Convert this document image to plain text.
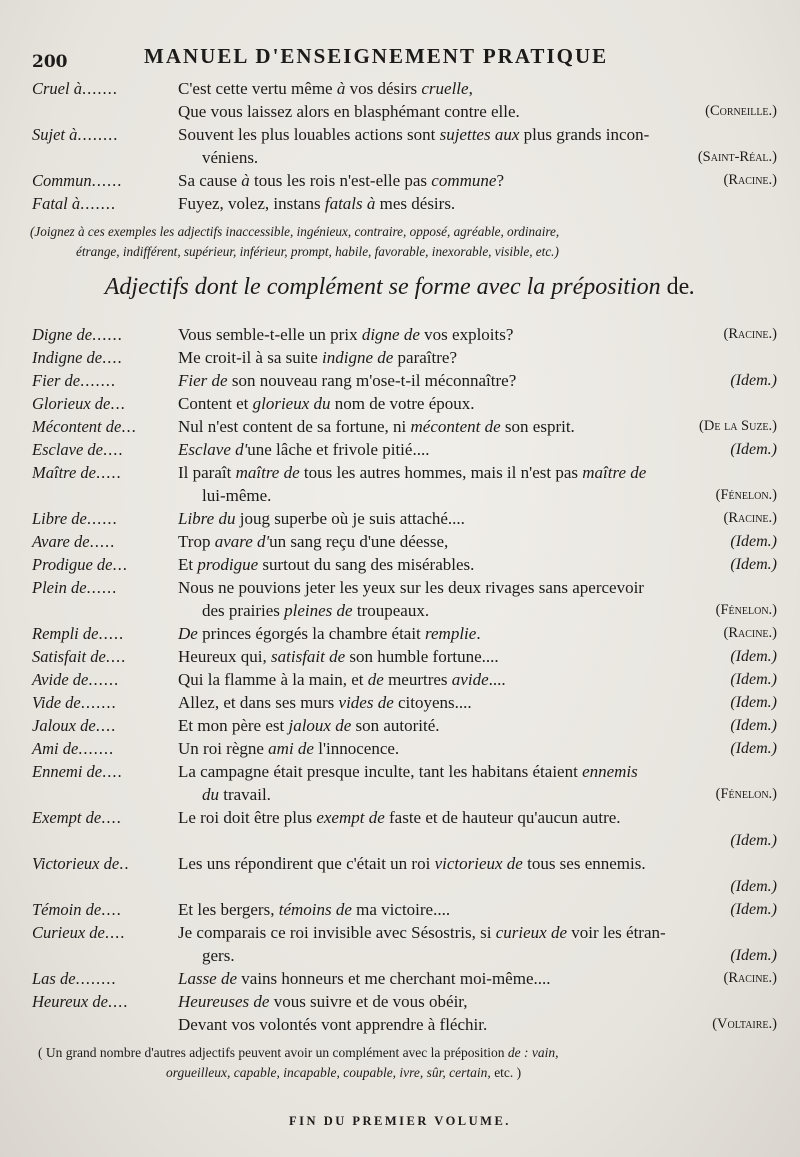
200	MANUEL D'ENSEIGNEMENT PRATIQUE
Cruel à.......	C'est cette vertu même à vos désirs cruelle,
Que vous laissez alors en blasphémant contre elle.	(Corneille.)
Sujet à........	Souvent les plus louables actions sont sujettes aux plus grands incon-
véniens.	(Saint-Réal.)
Commun......	Sa cause à tous les rois n'est-elle pas commune?	(Racine.)
Fatal à.......	Fuyez, volez, instans fatals à mes désirs.
(Joignez à ces exemples les adjectifs inaccessible, ingénieux, contraire, opposé, agréable, ordinaire,
étrange, indifférent, supérieur, inférieur, prompt, habile, favorable, inexorable, visible, etc.)
Adjectifs dont le complément se forme avec la préposition de.
Digne de......	Vous semble-t-elle un prix digne de vos exploits?	(Racine.)
Indigne de....	Me croit-il à sa suite indigne de paraître?
Fier de.......	Fier de son nouveau rang m'ose-t-il méconnaître?	(Idem.)
Glorieux de...	Content et glorieux du nom de votre époux.
Mécontent de...	Nul n'est content de sa fortune, ni mécontent de son esprit.	(De la Suze.)
Esclave de....	Esclave d'une lâche et frivole pitié....	(Idem.)
Maître de.....	Il paraît maître de tous les autres hommes, mais il n'est pas maître de
lui-même.	(Fénelon.)
Libre de......	Libre du joug superbe où je suis attaché....	(Racine.)
Avare de.....	Trop avare d'un sang reçu d'une déesse,	(Idem.)
Prodigue de...	Et prodigue surtout du sang des misérables.	(Idem.)
Plein de......	Nous ne pouvions jeter les yeux sur les deux rivages sans apercevoir
des prairies pleines de troupeaux.	(Fénelon.)
Rempli de.....	De princes égorgés la chambre était remplie.	(Racine.)
Satisfait de....	Heureux qui, satisfait de son humble fortune....	(Idem.)
Avide de......	Qui la flamme à la main, et de meurtres avide....	(Idem.)
Vide de.......	Allez, et dans ses murs vides de citoyens....	(Idem.)
Jaloux de....	Et mon père est jaloux de son autorité.	(Idem.)
Ami de.......	Un roi règne ami de l'innocence.	(Idem.)
Ennemi de....	La campagne était presque inculte, tant les habitans étaient ennemis
du travail.	(Fénelon.)
Exempt de....	Le roi doit être plus exempt de faste et de hauteur qu'aucun autre.
(Idem.)
Victorieux de..	Les uns répondirent que c'était un roi victorieux de tous ses ennemis.
(Idem.)
Témoin de....	Et les bergers, témoins de ma victoire....	(Idem.)
Curieux de....	Je comparais ce roi invisible avec Sésostris, si curieux de voir les étran-
gers.	(Idem.)
Las de........	Lasse de vains honneurs et me cherchant moi-même....	(Racine.)
Heureux de....	Heureuses de vous suivre et de vous obéir,
Devant vos volontés vont apprendre à fléchir.	(Voltaire.)
( Un grand nombre d'autres adjectifs peuvent avoir un complément avec la préposition de : vain,
orgueilleux, capable, incapable, coupable, ivre, sûr, certain, etc. )
FIN DU PREMIER VOLUME.
